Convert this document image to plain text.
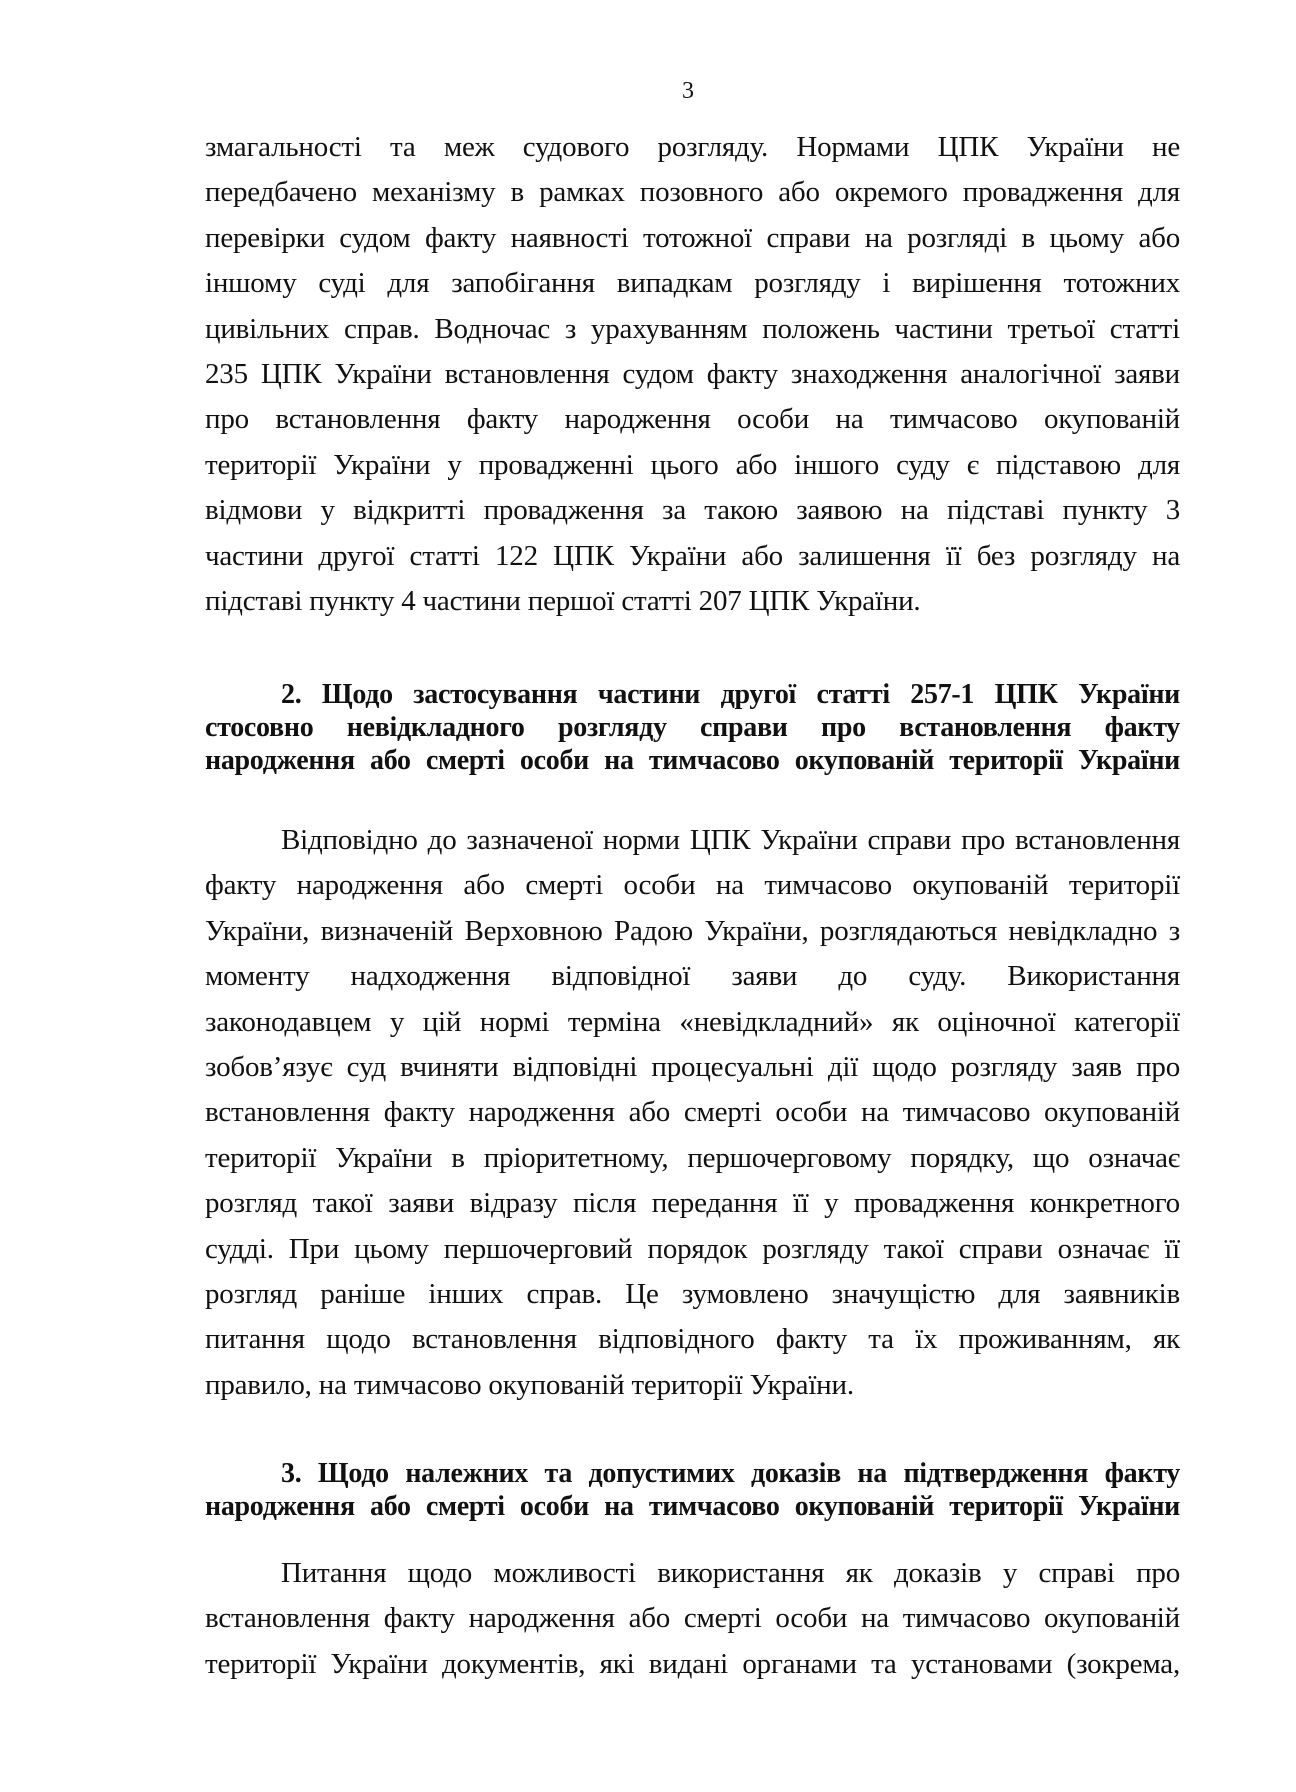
3
змагальності та меж судового розгляду. Нормами ЦПК України не
передбачено механізму в рамках позовного або окремого провадження для
перевірки судом факту наявності тотожної справи на розгляді в цьому або
іншому суді для запобігання випадкам розгляду і вирішення тотожних
цивільних справ. Водночас з урахуванням положень частини третьої статті
235 ЦПК України встановлення судом факту знаходження аналогічної заяви
про встановлення факту народження особи на тимчасово окупованій
території України у провадженні цього або іншого суду є підставою для
відмови у відкритті провадження за такою заявою на підставі пункту 3
частини другої статті 122 ЦПК України або залишення її без розгляду на
підставі пункту 4 частини першої статті 207 ЦПК України.
2. Щодо застосування частини другої статті 257-1 ЦПК України
стосовно невідкладного розгляду справи про встановлення факту
народження або смерті особи на тимчасово окупованій території України
Відповідно до зазначеної норми ЦПК України справи про встановлення
факту народження або смерті особи на тимчасово окупованій території
України, визначеній Верховною Радою України, розглядаються невідкладно з
моменту надходження відповідної заяви до суду. Використання
законодавцем у цій нормі терміна «невідкладний» як оціночної категорії
зобов’язує суд вчиняти відповідні процесуальні дії щодо розгляду заяв про
встановлення факту народження або смерті особи на тимчасово окупованій
території України в пріоритетному, першочерговому порядку, що означає
розгляд такої заяви відразу після передання її у провадження конкретного
судді. При цьому першочерговий порядок розгляду такої справи означає її
розгляд раніше інших справ. Це зумовлено значущістю для заявників
питання щодо встановлення відповідного факту та їх проживанням, як
правило, на тимчасово окупованій території України.
3. Щодо належних та допустимих доказів на підтвердження факту
народження або смерті особи на тимчасово окупованій території України
Питання щодо можливості використання як доказів у справі про
встановлення факту народження або смерті особи на тимчасово окупованій
території України документів, які видані органами та установами (зокрема,
